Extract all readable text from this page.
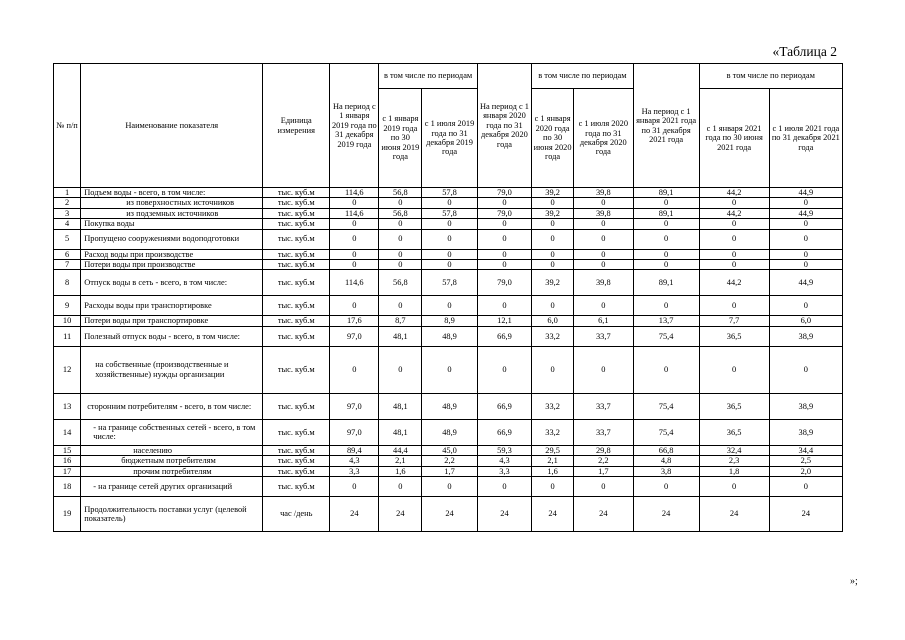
«Таблица 2
№ п/п	Наименование показателя	Единица измерения	На период с 1 января 2019 года по 31 декабря 2019 года	в том числе по периодам		На период с 1 января 2020 года по 31 декабря 2020 года	в том числе по периодам		На период с 1 января 2021 года по 31 декабря 2021 года	в том числе по периодам	
				с 1 января 2019 года по 30 июня 2019 года	с 1 июля 2019 года по 31 декабря 2019 года		с 1 января 2020 года по 30 июня 2020 года	с 1 июля 2020 года по 31 декабря 2020 года		с 1 января 2021 года по 30 июня 2021 года	с 1 июля 2021 года по 31 декабря 2021 года
1	Подъем воды - всего, в том числе:	тыс. куб.м	114,6	56,8	57,8	79,0	39,2	39,8	89,1	44,2	44,9
2	из поверхностных источников	тыс. куб.м	0	0	0	0	0	0	0	0	0
3	из подземных источников	тыс. куб.м	114,6	56,8	57,8	79,0	39,2	39,8	89,1	44,2	44,9
4	Покупка воды	тыс. куб.м	0	0	0	0	0	0	0	0	0
5	Пропущено сооружениями водоподготовки	тыс. куб.м	0	0	0	0	0	0	0	0	0
6	Расход воды при производстве	тыс. куб.м	0	0	0	0	0	0	0	0	0
7	Потери воды при производстве	тыс. куб.м	0	0	0	0	0	0	0	0	0
8	Отпуск воды в сеть - всего, в том числе:	тыс. куб.м	114,6	56,8	57,8	79,0	39,2	39,8	89,1	44,2	44,9
9	Расходы воды при транспортировке	тыс. куб.м	0	0	0	0	0	0	0	0	0
10	Потери воды при транспортировке	тыс. куб.м	17,6	8,7	8,9	12,1	6,0	6,1	13,7	7,7	6,0
11	Полезный отпуск воды - всего, в том числе:	тыс. куб.м	97,0	48,1	48,9	66,9	33,2	33,7	75,4	36,5	38,9
12	на собственные (производственные и хозяйственные) нужды организации	тыс. куб.м	0	0	0	0	0	0	0	0	0
13	сторонним потребителям - всего, в том числе:	тыс. куб.м	97,0	48,1	48,9	66,9	33,2	33,7	75,4	36,5	38,9
14	- на границе собственных сетей - всего, в том числе:	тыс. куб.м	97,0	48,1	48,9	66,9	33,2	33,7	75,4	36,5	38,9
15	населению	тыс. куб.м	89,4	44,4	45,0	59,3	29,5	29,8	66,8	32,4	34,4
16	бюджетным потребителям	тыс. куб.м	4,3	2,1	2,2	4,3	2,1	2,2	4,8	2,3	2,5
17	прочим потребителям	тыс. куб.м	3,3	1,6	1,7	3,3	1,6	1,7	3,8	1,8	2,0
18	- на границе сетей других организаций	тыс. куб.м	0	0	0	0	0	0	0	0	0
19	Продолжительность поставки услуг (целевой показатель)	час /день	24	24	24	24	24	24	24	24	24
»;
